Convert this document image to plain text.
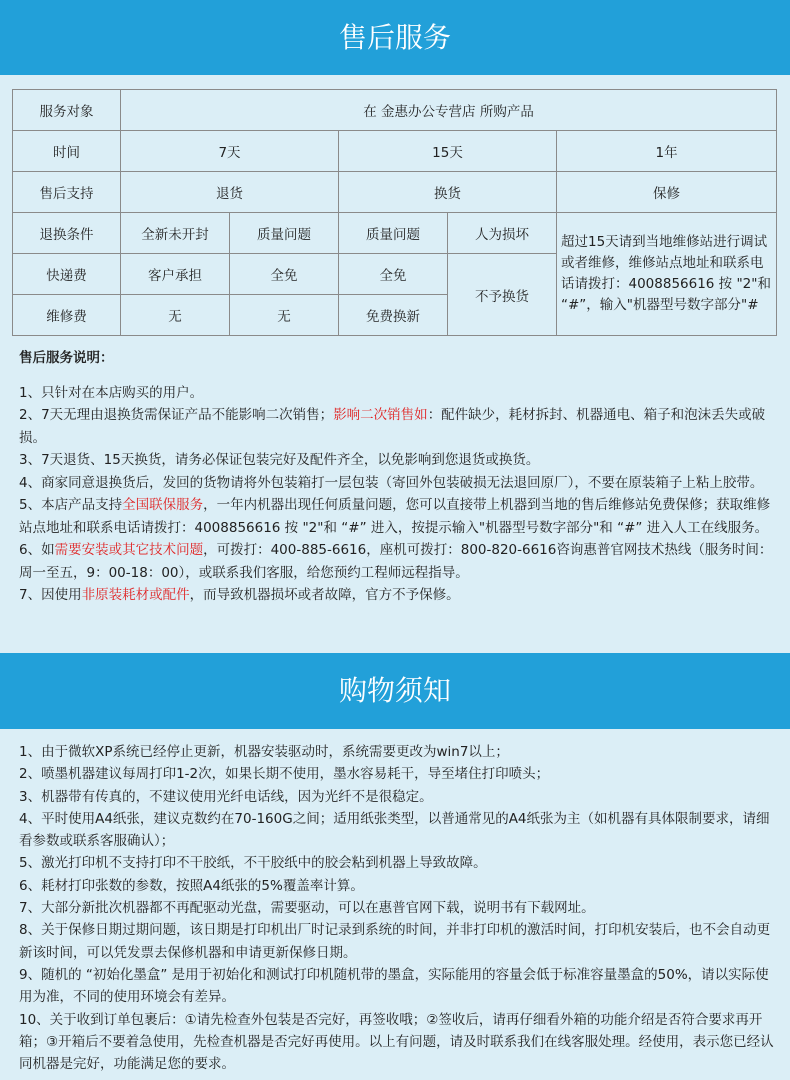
售后服务
服务对象	在 金惠办公专营店 所购产品				
时间	7天		15天		1年
售后支持	退货		换货		保修
退换条件	全新未开封	质量问题	质量问题	人为损坏	超过15天请到当地维修站进行调试或者维修，维修站点地址和联系电话请拨打：4008856616 按 "2"和 “#”，输入"机器型号数字部分"#
快递费	客户承担	全免	全免	不予换货	
维修费	无	无	免费换新		
售后服务说明：

1、只针对在本店购买的用户。

2、7天无理由退换货需保证产品不能影响二次销售；影响二次销售如：配件缺少，耗材拆封、机器通电、箱子和泡沫丢失或破损。

3、7天退货、15天换货，请务必保证包装完好及配件齐全，以免影响到您退货或换货。

4、商家同意退换货后，发回的货物请将外包装箱打一层包装（寄回外包装破损无法退回原厂），不要在原装箱子上粘上胶带。

5、本店产品支持全国联保服务，一年内机器出现任何质量问题，您可以直接带上机器到当地的售后维修站免费保修；获取维修站点地址和联系电话请拨打：4008856616 按 "2"和 “#” 进入，按提示输入"机器型号数字部分"和 “#” 进入人工在线服务。

6、如需要安装或其它技术问题，可拨打：400-885-6616，座机可拨打：800-820-6616咨询惠普官网技术热线（服务时间：周一至五，9：00-18：00），或联系我们客服，给您预约工程师远程指导。

7、因使用非原装耗材或配件，而导致机器损坏或者故障，官方不予保修。

购物须知

1、由于微软XP系统已经停止更新，机器安装驱动时，系统需要更改为win7以上；

2、喷墨机器建议每周打印1-2次，如果长期不使用，墨水容易耗干，导至堵住打印喷头；

3、机器带有传真的，不建议使用光纤电话线，因为光纤不是很稳定。

4、平时使用A4纸张，建议克数约在70-160G之间；适用纸张类型，以普通常见的A4纸张为主（如机器有具体限制要求，请细看参数或联系客服确认）；

5、激光打印机不支持打印不干胶纸，不干胶纸中的胶会粘到机器上导致故障。

6、耗材打印张数的参数，按照A4纸张的5%覆盖率计算。

7、大部分新批次机器都不再配驱动光盘，需要驱动，可以在惠普官网下载，说明书有下载网址。

8、关于保修日期过期问题，该日期是打印机出厂时记录到系统的时间，并非打印机的激活时间，打印机安装后，也不会自动更新该时间，可以凭发票去保修机器和申请更新保修日期。

9、随机的 “初始化墨盒” 是用于初始化和测试打印机随机带的墨盒，实际能用的容量会低于标准容量墨盒的50%，请以实际使用为准，不同的使用环境会有差异。

10、关于收到订单包裹后：①请先检查外包装是否完好，再签收哦；②签收后，请再仔细看外箱的功能介绍是否符合要求再开箱；③开箱后不要着急使用，先检查机器是否完好再使用。以上有问题，请及时联系我们在线客服处理。经使用，表示您已经认同机器是完好，功能满足您的要求。
